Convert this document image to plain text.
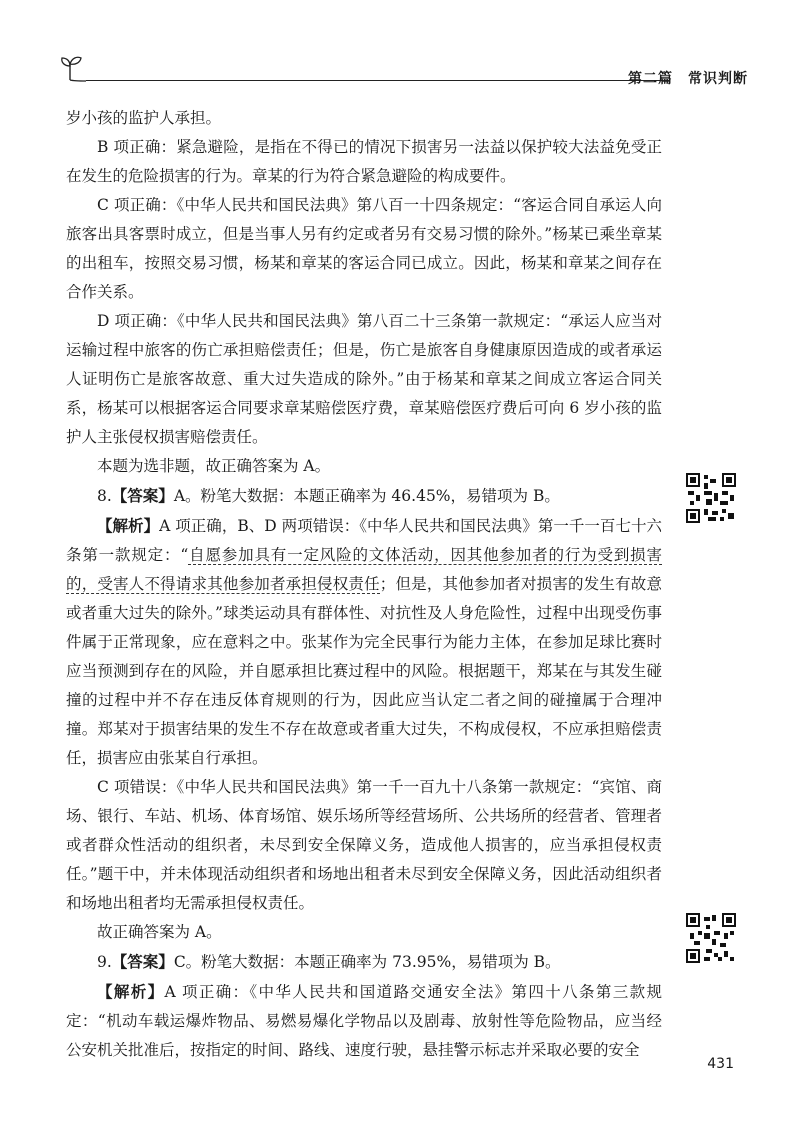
第二篇　常识判断

岁小孩的监护人承担。

B 项正确：紧急避险，是指在不得已的情况下损害另一法益以保护较大法益免受正在发生的危险损害的行为。章某的行为符合紧急避险的构成要件。

C 项正确：《中华人民共和国民法典》第八百一十四条规定：“客运合同自承运人向旅客出具客票时成立，但是当事人另有约定或者另有交易习惯的除外。”杨某已乘坐章某的出租车，按照交易习惯，杨某和章某的客运合同已成立。因此，杨某和章某之间存在合作关系。

D 项正确：《中华人民共和国民法典》第八百二十三条第一款规定：“承运人应当对运输过程中旅客的伤亡承担赔偿责任；但是，伤亡是旅客自身健康原因造成的或者承运人证明伤亡是旅客故意、重大过失造成的除外。”由于杨某和章某之间成立客运合同关系，杨某可以根据客运合同要求章某赔偿医疗费，章某赔偿医疗费后可向 6 岁小孩的监护人主张侵权损害赔偿责任。

本题为选非题，故正确答案为 A。

8.【答案】A。粉笔大数据：本题正确率为 46.45%，易错项为 B。

【解析】A 项正确，B、D 两项错误：《中华人民共和国民法典》第一千一百七十六条第一款规定：“自愿参加具有一定风险的文体活动，因其他参加者的行为受到损害的，受害人不得请求其他参加者承担侵权责任；但是，其他参加者对损害的发生有故意或者重大过失的除外。”球类运动具有群体性、对抗性及人身危险性，过程中出现受伤事件属于正常现象，应在意料之中。张某作为完全民事行为能力主体，在参加足球比赛时应当预测到存在的风险，并自愿承担比赛过程中的风险。根据题干，郑某在与其发生碰撞的过程中并不存在违反体育规则的行为，因此应当认定二者之间的碰撞属于合理冲撞。郑某对于损害结果的发生不存在故意或者重大过失，不构成侵权，不应承担赔偿责任，损害应由张某自行承担。

C 项错误：《中华人民共和国民法典》第一千一百九十八条第一款规定：“宾馆、商场、银行、车站、机场、体育场馆、娱乐场所等经营场所、公共场所的经营者、管理者或者群众性活动的组织者，未尽到安全保障义务，造成他人损害的，应当承担侵权责任。”题干中，并未体现活动组织者和场地出租者未尽到安全保障义务，因此活动组织者和场地出租者均无需承担侵权责任。

故正确答案为 A。

9.【答案】C。粉笔大数据：本题正确率为 73.95%，易错项为 B。

【解析】A 项正确：《中华人民共和国道路交通安全法》第四十八条第三款规定：“机动车载运爆炸物品、易燃易爆化学物品以及剧毒、放射性等危险物品，应当经公安机关批准后，按指定的时间、路线、速度行驶，悬挂警示标志并采取必要的安全

431
